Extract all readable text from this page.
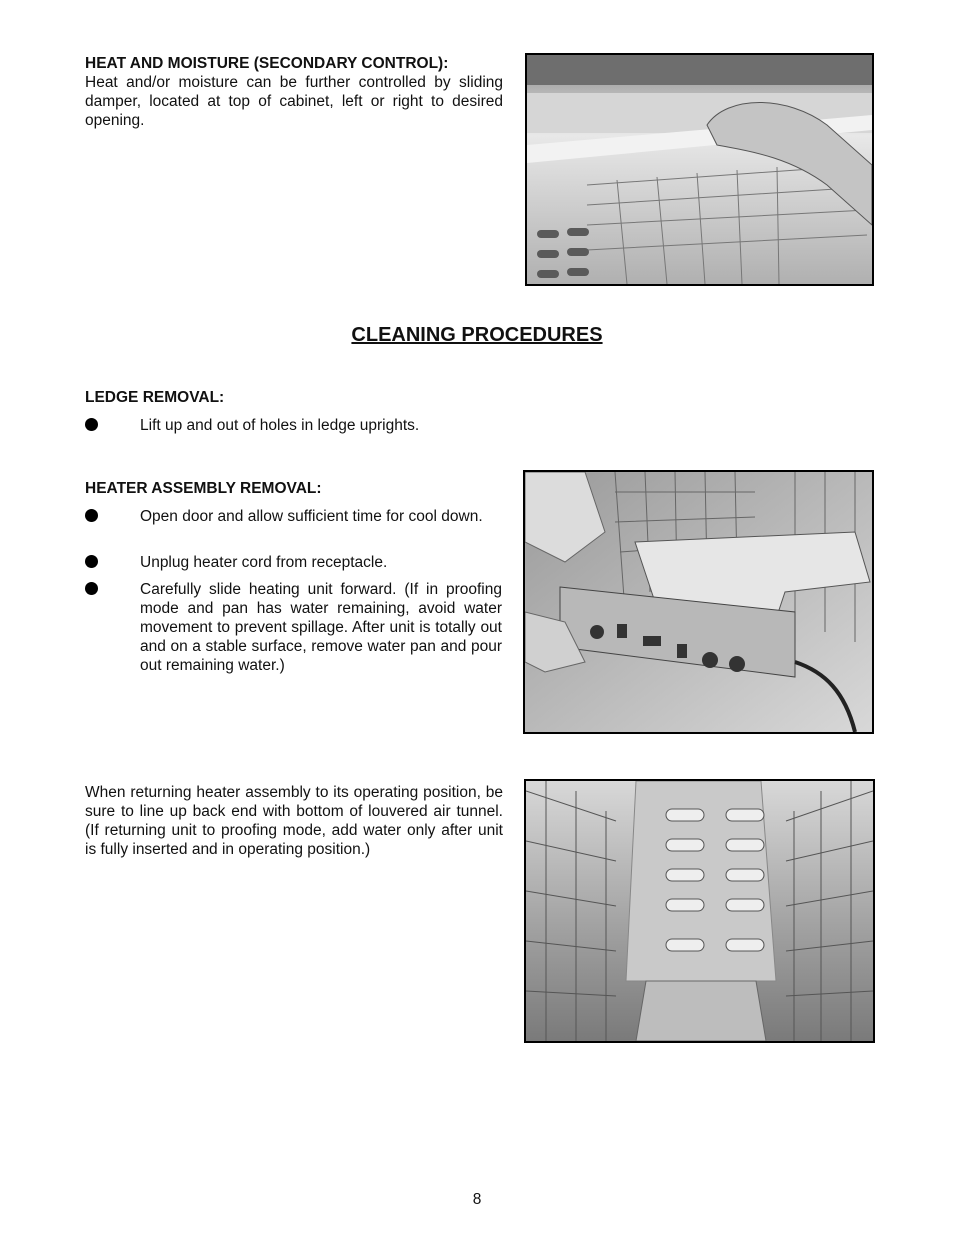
HEAT AND MOISTURE (SECONDARY CONTROL):
Heat and/or moisture can be further controlled by sliding damper, located at top of cabinet, left or right to desired opening.
CLEANING PROCEDURES
LEDGE REMOVAL:
Lift up and out of holes in ledge uprights.
HEATER ASSEMBLY REMOVAL:
Open door and allow sufficient time for cool down.
Unplug heater cord from receptacle.
Carefully slide heating unit forward. (If in proofing mode and pan has water remaining, avoid water movement to prevent spillage. After unit is totally out and on a stable surface, remove water pan and pour out remaining water.)
When returning heater assembly to its operating position, be sure to line up back end with bottom of louvered air tunnel. (If returning unit to proofing mode, add water only after unit is fully inserted and in operating position.)
8
